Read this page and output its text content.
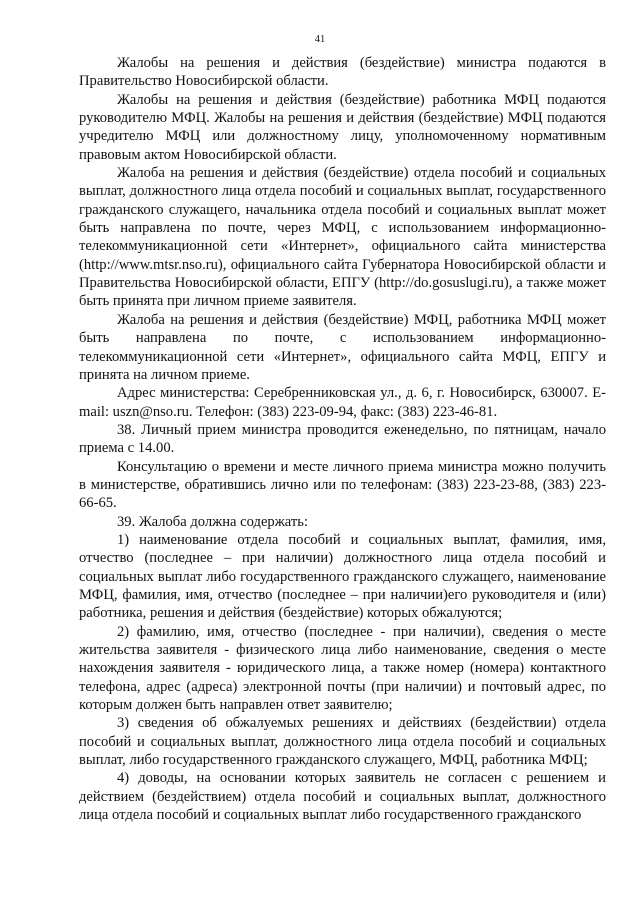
41

Жалобы на решения и действия (бездействие) министра подаются в Правительство Новосибирской области.

Жалобы на решения и действия (бездействие) работника МФЦ подаются руководителю МФЦ. Жалобы на решения и действия (бездействие) МФЦ подаются учредителю МФЦ или должностному лицу, уполномоченному нормативным правовым актом Новосибирской области.

Жалоба на решения и действия (бездействие) отдела пособий и социальных выплат, должностного лица отдела пособий и социальных выплат, государственного гражданского служащего, начальника отдела пособий и социальных выплат может быть направлена по почте, через МФЦ, с использованием информационно-телекоммуникационной сети «Интернет», официального сайта министерства (http://www.mtsr.nso.ru), официального сайта Губернатора Новосибирской области и Правительства Новосибирской области, ЕПГУ (http://do.gosuslugi.ru), а также может быть принята при личном приеме заявителя.

Жалоба на решения и действия (бездействие) МФЦ, работника МФЦ может быть направлена по почте, с использованием информационно-телекоммуникационной сети «Интернет», официального сайта МФЦ, ЕПГУ и принята на личном приеме.

Адрес министерства: Серебренниковская ул., д. 6, г. Новосибирск, 630007. E-mail: uszn@nso.ru. Телефон: (383) 223-09-94, факс: (383) 223-46-81.

38. Личный прием министра проводится еженедельно, по пятницам, начало приема с 14.00.

Консультацию о времени и месте личного приема министра можно получить в министерстве, обратившись лично или по телефонам: (383) 223-23-88, (383) 223-66-65.

39. Жалоба должна содержать:

1) наименование отдела пособий и социальных выплат, фамилия, имя, отчество (последнее – при наличии) должностного лица отдела пособий и социальных выплат либо государственного гражданского служащего, наименование МФЦ, фамилия, имя, отчество (последнее – при наличии)его руководителя и (или) работника, решения и действия (бездействие) которых обжалуются;

2) фамилию, имя, отчество (последнее - при наличии), сведения о месте жительства заявителя - физического лица либо наименование, сведения о месте нахождения заявителя - юридического лица, а также номер (номера) контактного телефона, адрес (адреса) электронной почты (при наличии) и почтовый адрес, по которым должен быть направлен ответ заявителю;

3) сведения об обжалуемых решениях и действиях (бездействии) отдела пособий и социальных выплат, должностного лица отдела пособий и социальных выплат, либо государственного гражданского служащего, МФЦ, работника МФЦ;

4) доводы, на основании которых заявитель не согласен с решением и действием (бездействием) отдела пособий и социальных выплат, должностного лица отдела пособий и социальных выплат либо государственного гражданского
